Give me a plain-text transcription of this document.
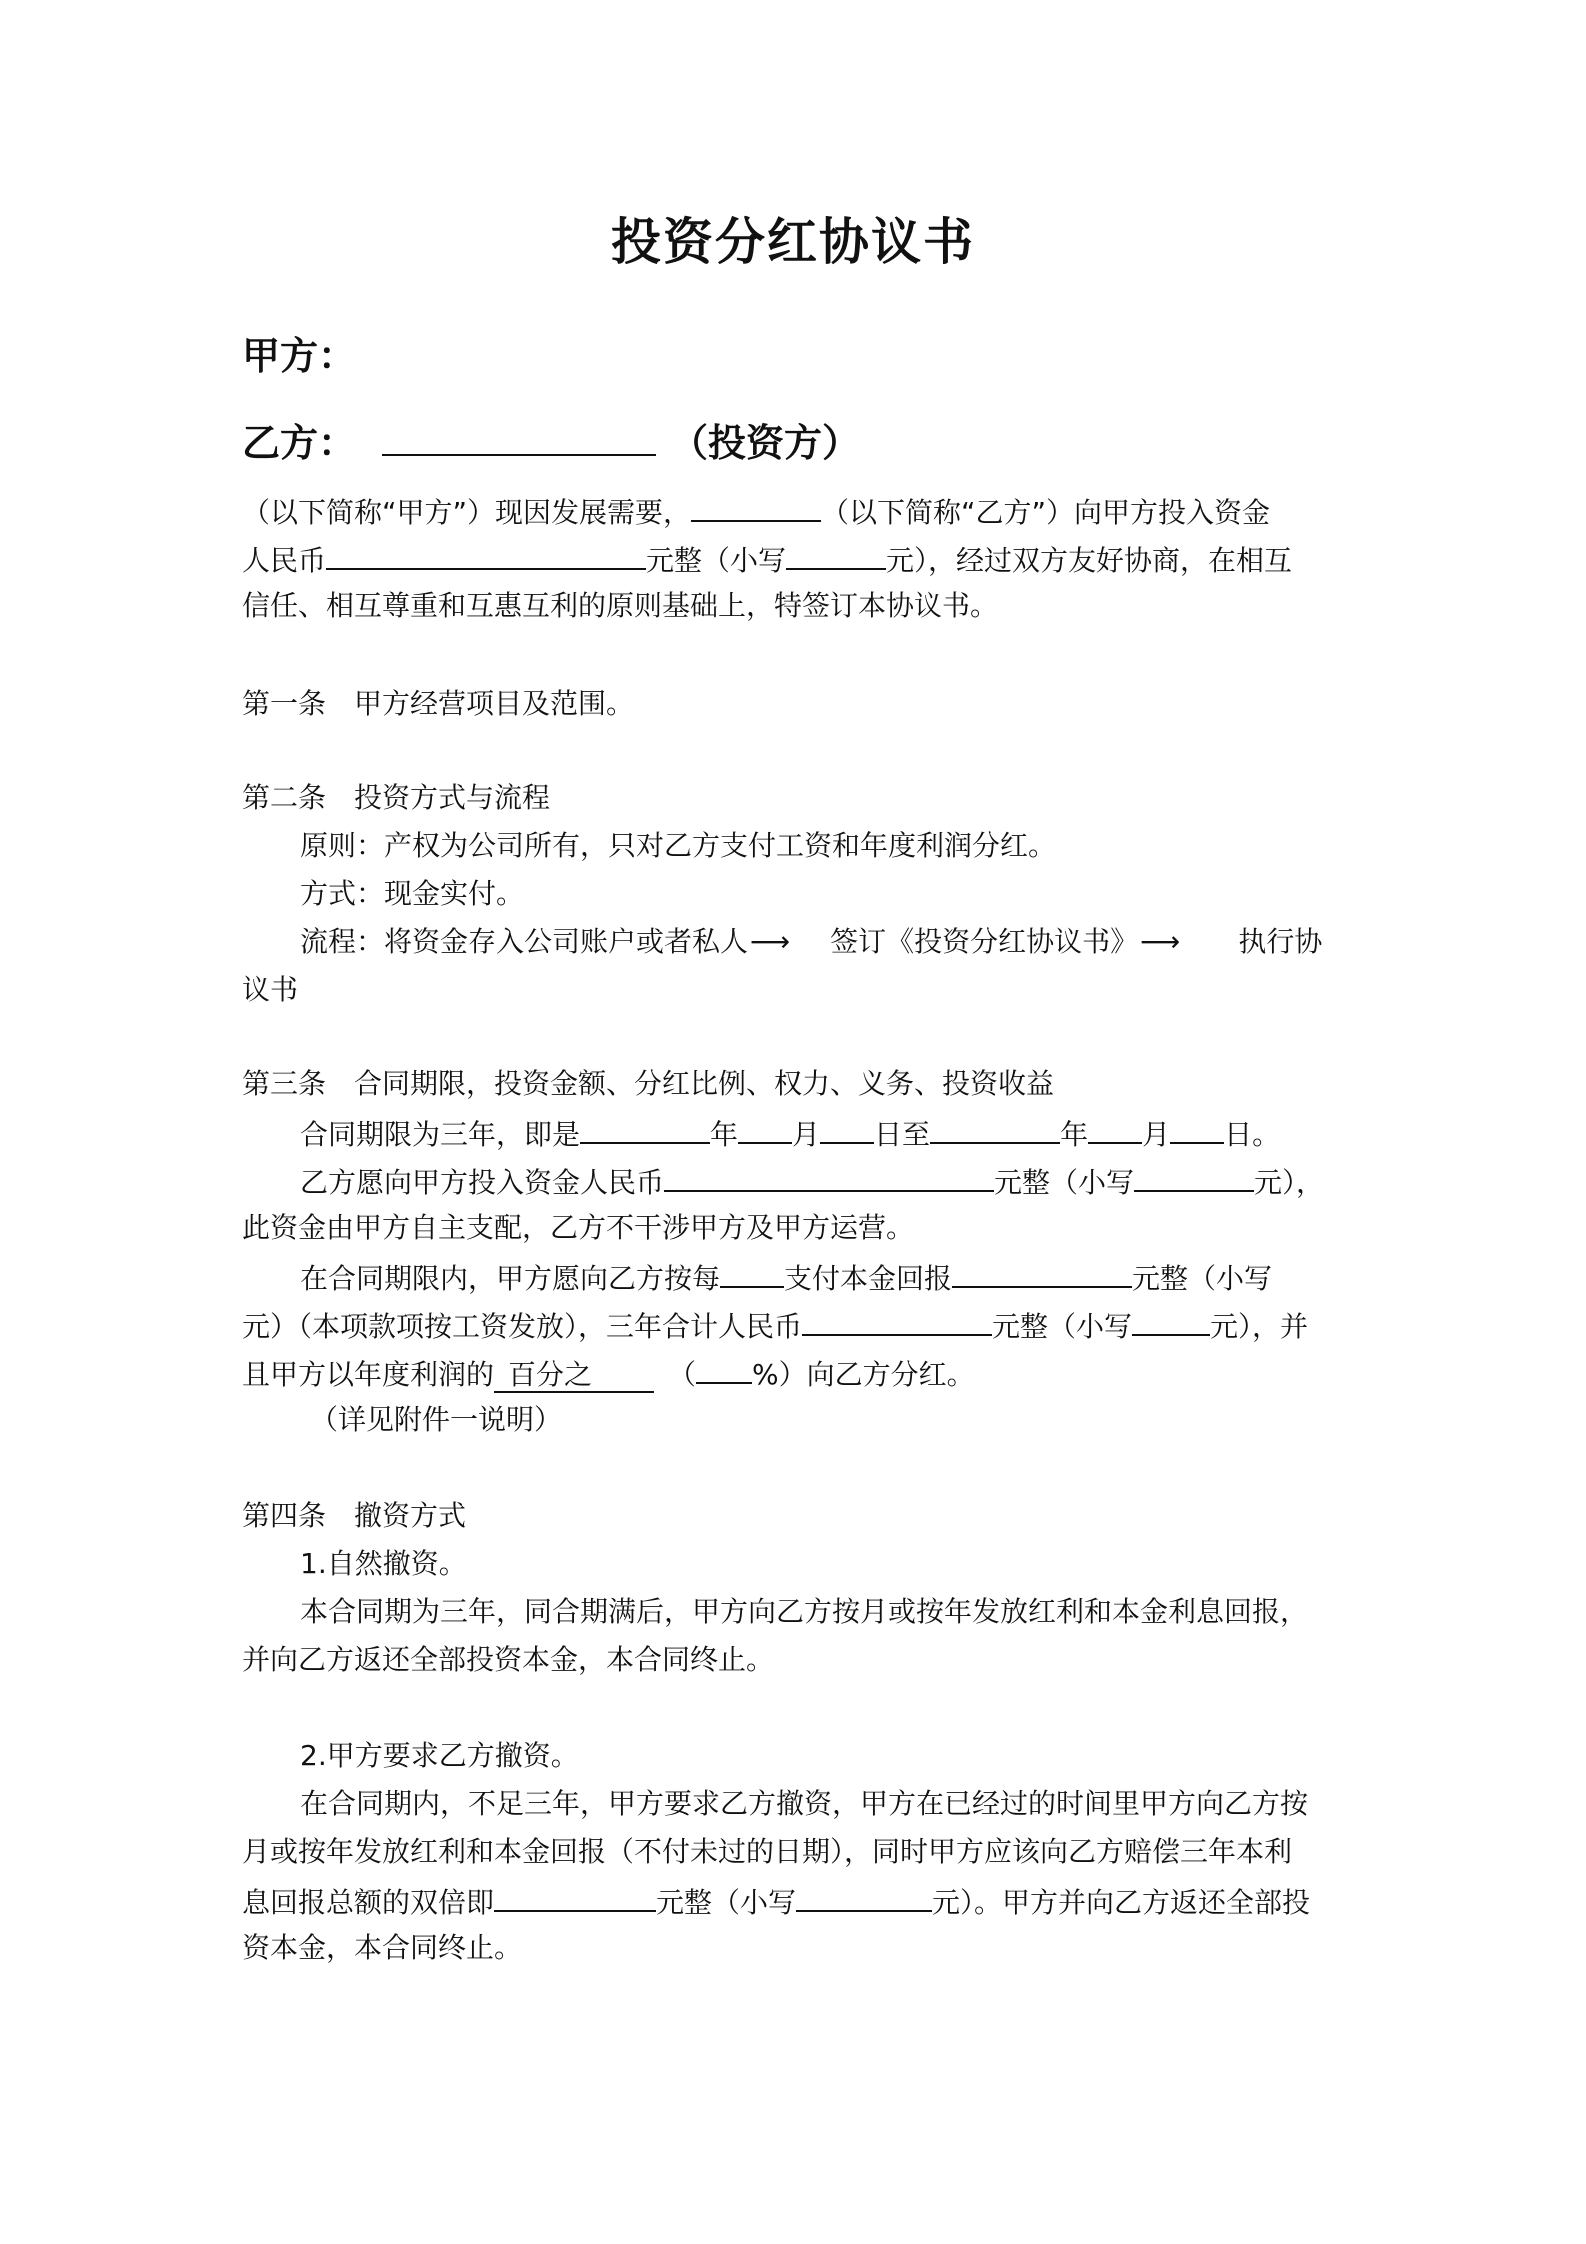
投资分红协议书
甲方：
乙方：	（投资方）
（以下简称“甲方”）现因发展需要，	（以下简称“乙方”）向甲方投入资金
人民币	元整（小写	元），经过双方友好协商，在相互
信任、相互尊重和互惠互利的原则基础上，特签订本协议书。
第一条　甲方经营项目及范围。
第二条　投资方式与流程
原则：产权为公司所有，只对乙方支付工资和年度利润分红。
方式：现金实付。
流程：将资金存入公司账户或者私人⟶ 签订《投资分红协议书》⟶ 执行协
议书
第三条　合同期限，投资金额、分红比例、权力、义务、投资收益
合同期限为三年，即是	年 月 日至	年 月 日。
乙方愿向甲方投入资金人民币	元整（小写	元），
此资金由甲方自主支配，乙方不干涉甲方及甲方运营。
在合同期限内，甲方愿向乙方按每 支付本金回报	元整（小写
元）（本项款项按工资发放），三年合计人民币	元整（小写	元），并
且甲方以年度利润的 百分之	（ %）向乙方分红。
（详见附件一说明）
第四条　撤资方式
1.自然撤资。
本合同期为三年，同合期满后，甲方向乙方按月或按年发放红利和本金利息回报，
并向乙方返还全部投资本金，本合同终止。
2.甲方要求乙方撤资。
在合同期内，不足三年，甲方要求乙方撤资，甲方在已经过的时间里甲方向乙方按
月或按年发放红利和本金回报（不付未过的日期），同时甲方应该向乙方赔偿三年本利
息回报总额的双倍即	元整（小写	元）。甲方并向乙方返还全部投
资本金，本合同终止。
